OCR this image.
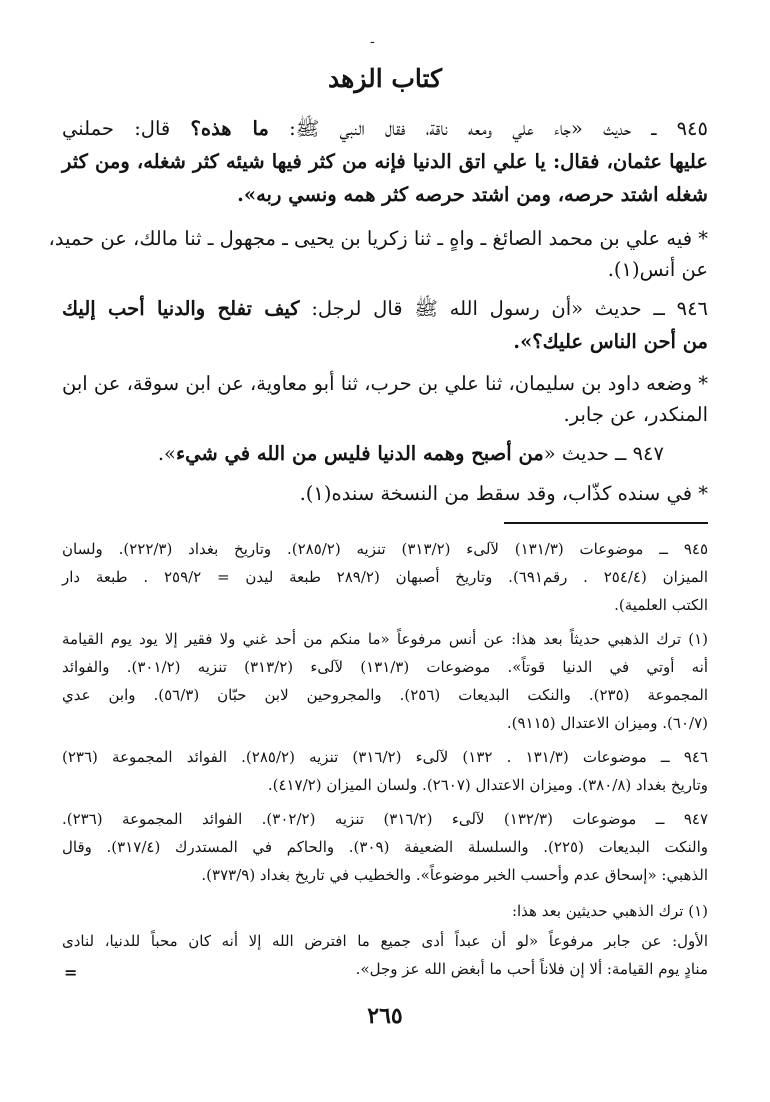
-
كتاب الزهد

٩٤٥ ــ حديث «جاء علي ومعه ناقة، فقال النبي ﷺ: ما هذه؟ قال: حملني

عليها عثمان، فقال: يا علي اتق الدنيا فإنه من كثر فيها شيئه كثر شغله، ومن كثر

شغله اشتد حرصه، ومن اشتد حرصه كثر همه ونسي ربه».

* فيه علي بن محمد الصائغ ـ واهٍ ـ ثنا زكريا بن يحيى ـ مجهول ـ ثنا مالك، عن حميد،

عن أنس(١).

٩٤٦ ــ حديث «أن رسول الله ﷺ قال لرجل: كيف تفلح والدنيا أحب إليك

من أحن الناس عليك؟».

* وضعه داود بن سليمان، ثنا علي بن حرب، ثنا أبو معاوية، عن ابن سوقة، عن ابن

المنكدر، عن جابر.

٩٤٧ ــ حديث «من أصبح وهمه الدنيا فليس من الله في شيء».

* في سنده كذّاب، وقد سقط من النسخة سنده(١).

٩٤٥ ــ موضوعات (١٣١/٣) لآلىء (٣١٣/٢) تنزيه (٢٨٥/٢). وتاريخ بغداد (٢٢٢/٣). ولسان

الميزان (٢٥٤/٤ . رقم٦٩١). وتاريخ أصبهان (٢٨٩/٢ طبعة ليدن = ٢٥٩/٢ . طبعة دار

الكتب العلمية).

(١) ترك الذهبي حديثاً بعد هذا: عن أنس مرفوعاً «ما منكم من أحد غني ولا فقير إلا يود يوم القيامة

أنه أوتي في الدنيا قوتاً». موضوعات (١٣١/٣) لآلىء (٣١٣/٢) تنزيه (٣٠١/٢). والفوائد

المجموعة (٢٣٥). والنكت البديعات (٢٥٦). والمجروحين لابن حبّان (٥٦/٣). وابن عدي

(٦٠/٧). وميزان الاعتدال (٩١١٥).

٩٤٦ ــ موضوعات (١٣١/٣ . ١٣٢) لآلىء (٣١٦/٢) تنزيه (٢٨٥/٢). الفوائد المجموعة (٢٣٦)

وتاريخ بغداد (٣٨٠/٨). وميزان الاعتدال (٢٦٠٧). ولسان الميزان (٤١٧/٢).

٩٤٧ ــ موضوعات (١٣٢/٣) لآلىء (٣١٦/٢) تنزيه (٣٠٢/٢). الفوائد المجموعة (٢٣٦).

والنكت البديعات (٢٢٥). والسلسلة الضعيفة (٣٠٩). والحاكم في المستدرك (٣١٧/٤). وقال

الذهبي: «إسحاق عدم وأحسب الخبر موضوعاً». والخطيب في تاريخ بغداد (٣٧٣/٩).

(١) ترك الذهبي حديثين بعد هذا:

الأول: عن جابر مرفوعاً «لو أن عبداً أدى جميع ما افترض الله إلا أنه كان محباً للدنيا، لنادى

منادٍ يوم القيامة: ألا إن فلاناً أحب ما أبغض الله عز وجل».

=
٢٦٥
